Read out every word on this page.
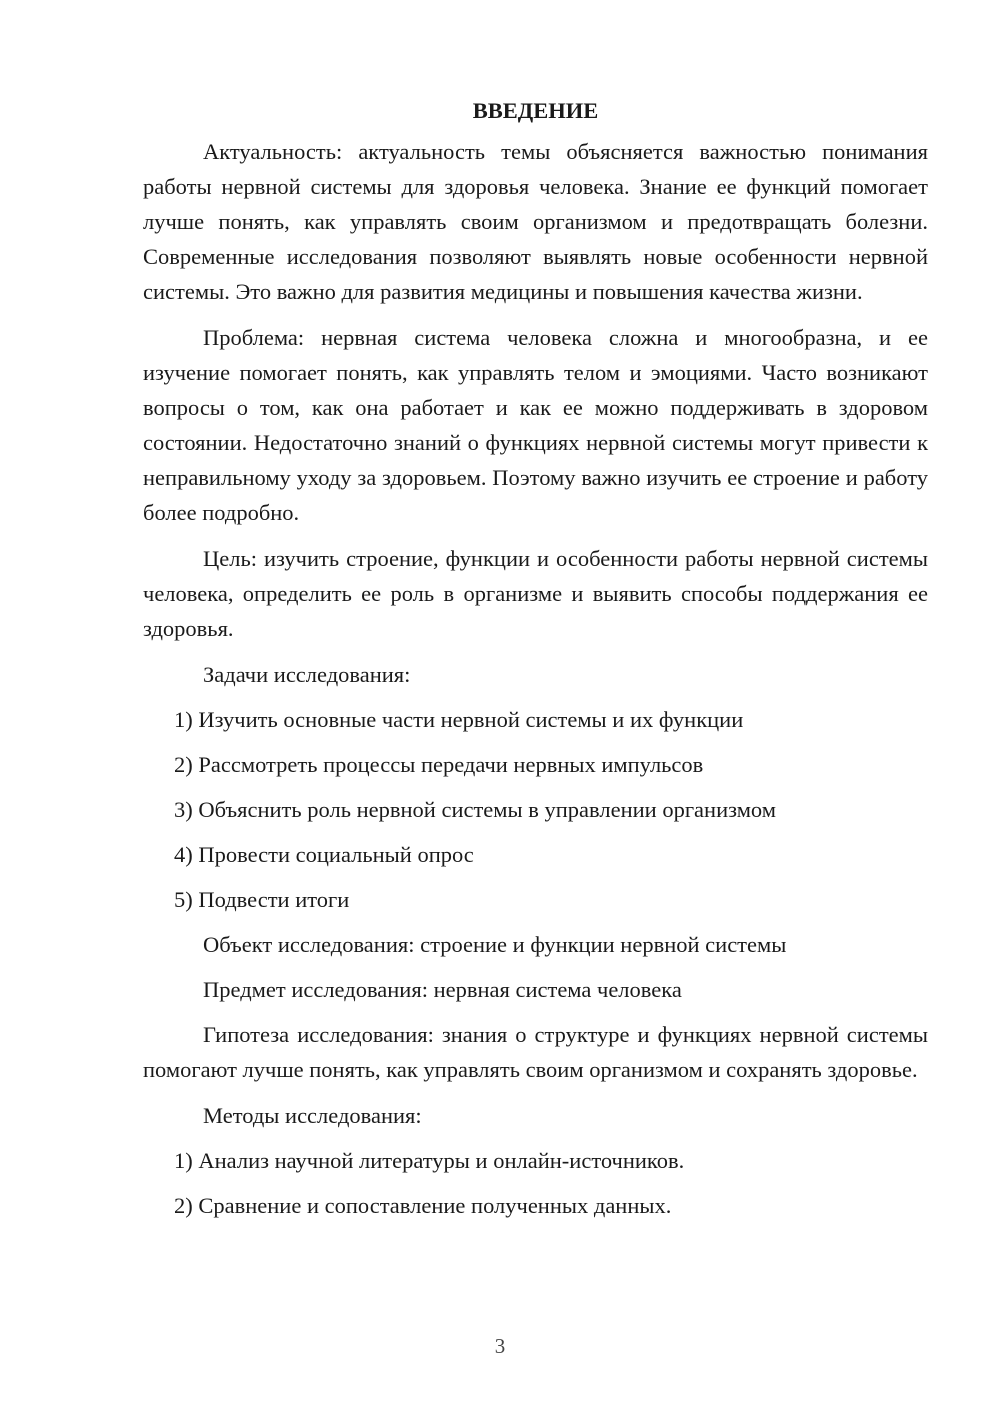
ВВЕДЕНИЕ

Актуальность: актуальность темы объясняется важностью понимания работы нервной системы для здоровья человека. Знание ее функций помогает лучше понять, как управлять своим организмом и предотвращать болезни. Современные исследования позволяют выявлять новые особенности нервной системы. Это важно для развития медицины и повышения качества жизни.

Проблема: нервная система человека сложна и многообразна, и ее изучение помогает понять, как управлять телом и эмоциями. Часто возникают вопросы о том, как она работает и как ее можно поддерживать в здоровом состоянии. Недостаточно знаний о функциях нервной системы могут привести к неправильному уходу за здоровьем. Поэтому важно изучить ее строение и работу более подробно.

Цель: изучить строение, функции и особенности работы нервной системы человека, определить ее роль в организме и выявить способы поддержания ее здоровья.

Задачи исследования:
1) Изучить основные части нервной системы и их функции
2) Рассмотреть процессы передачи нервных импульсов
3) Объяснить роль нервной системы в управлении организмом
4) Провести социальный опрос
5) Подвести итоги
Объект исследования: строение и функции нервной системы
Предмет исследования: нервная система человека

Гипотеза исследования: знания о структуре и функциях нервной системы помогают лучше понять, как управлять своим организмом и сохранять здоровье.

Методы исследования:
1) Анализ научной литературы и онлайн-источников.
2) Сравнение и сопоставление полученных данных.
3
